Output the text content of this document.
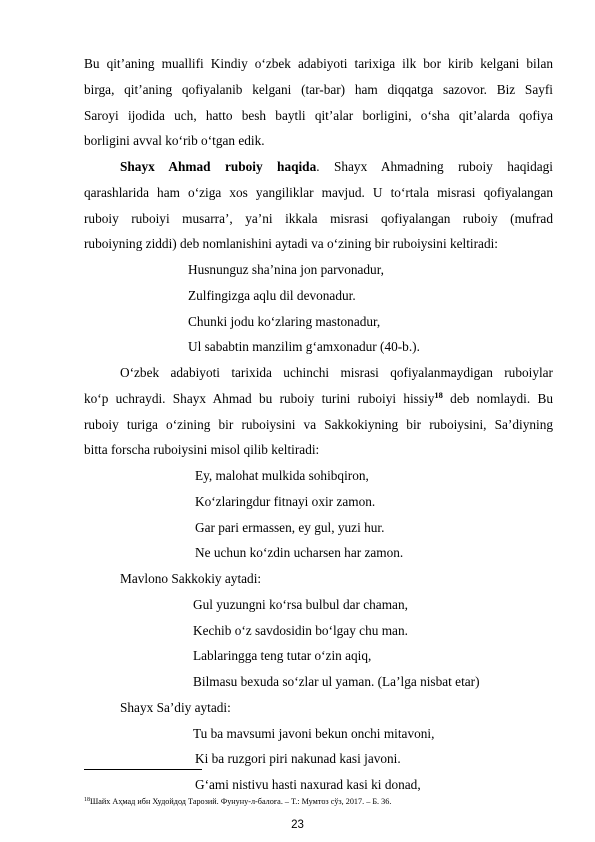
Bu qit’aning muallifi Kindiy o‘zbek adabiyoti tarixiga ilk bor kirib kelgani bilan
birga, qit’aning qofiyalanib kelgani (tar-bar) ham diqqatga sazovor. Biz Sayfi
Saroyi ijodida uch, hatto besh baytli qit’alar borligini, o‘sha qit’alarda qofiya
borligini avval ko‘rib o‘tgan edik.
Shayx Ahmad ruboiy haqida. Shayx Ahmadning ruboiy haqidagi
qarashlarida ham o‘ziga xos yangiliklar mavjud. U to‘rtala misrasi qofiyalangan
ruboiy ruboiyi musarra’, ya’ni ikkala misrasi qofiyalangan ruboiy (mufrad
ruboiyning ziddi) deb nomlanishini aytadi va o‘zining bir ruboiysini keltiradi:
Husnunguz sha’nina jon parvonadur,
Zulfingizga aqlu dil devonadur.
Chunki jodu ko‘zlaring mastonadur,
Ul sababtin manzilim g‘amxonadur (40-b.).
O‘zbek adabiyoti tarixida uchinchi misrasi qofiyalanmaydigan ruboiylar
ko‘p uchraydi. Shayx Ahmad bu ruboiy turini ruboiyi hissiy$^{18}$ deb nomlaydi. Bu
ruboiy turiga o‘zining bir ruboiysini va Sakkokiyning bir ruboiysini, Sa’diyning
bitta forscha ruboiysini misol qilib keltiradi:
Ey, malohat mulkida sohibqiron,
Ko‘zlaringdur fitnayi oxir zamon.
Gar pari ermassen, ey gul, yuzi hur.
Ne uchun ko‘zdin ucharsen har zamon.
Mavlono Sakkokiy aytadi:
Gul yuzungni ko‘rsa bulbul dar chaman,
Kechib o‘z savdosidin bo‘lgay chu man.
Lablaringga teng tutar o‘zin aqiq,
Bilmasu bexuda so‘zlar ul yaman. (La’lga nisbat etar)
Shayx Sa’diy aytadi:
Tu ba mavsumi javoni bekun onchi mitavoni,
Ki ba ruzgori piri nakunad kasi javoni.
G‘ami nistivu hasti naxurad kasi ki donad,
$^{18}$Шайх Аҳмад ибн Худойдод Тарозий. Фунуну-л-балоға. – Т.: Мумтоз сўз, 2017. – Б. 36.
23
